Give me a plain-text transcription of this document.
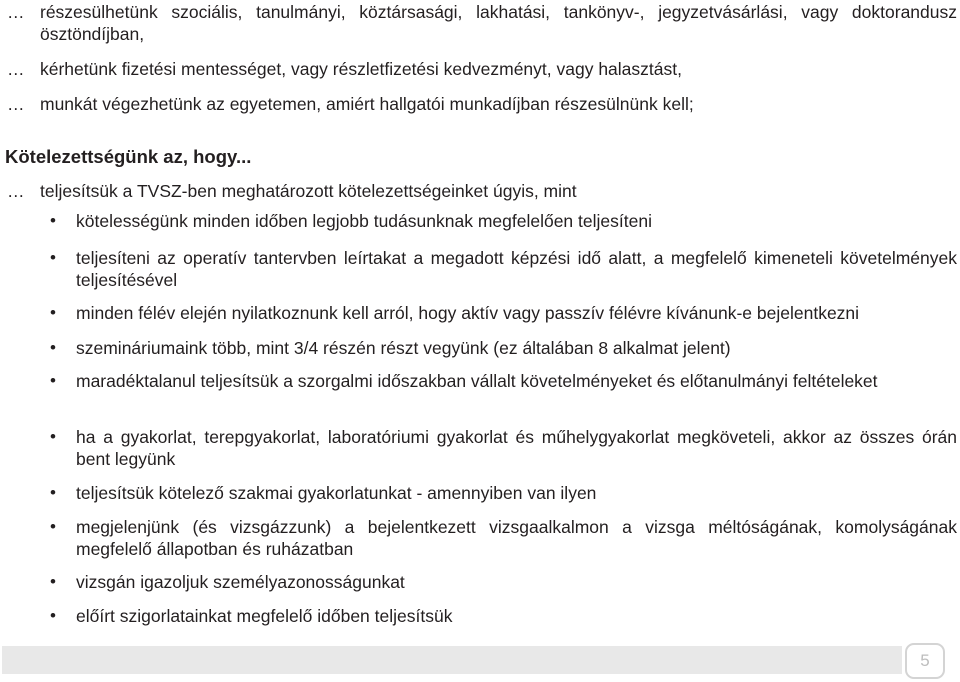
… részesülhetünk szociális, tanulmányi, köztársasági, lakhatási, tankönyv-, jegyzetvásárlási, vagy doktorandusz ösztöndíjban,
… kérhetünk fizetési mentességet, vagy részletfizetési kedvezményt, vagy halasztást,
… munkát végezhetünk az egyetemen, amiért hallgatói munkadíjban részesülnünk kell;
Kötelezettségünk az, hogy...
… teljesítsük a TVSZ-ben meghatározott kötelezettségeinket úgyis, mint
• kötelességünk minden időben legjobb tudásunknak megfelelően teljesíteni
• teljesíteni az operatív tantervben leírtakat a megadott képzési idő alatt, a megfelelő kimeneteli követelmények teljesítésével
• minden félév elején nyilatkoznunk kell arról, hogy aktív vagy passzív félévre kívánunk-e bejelentkezni
• szemináriumaink több, mint 3/4 részén részt vegyünk (ez általában 8 alkalmat jelent)
• maradéktalanul teljesítsük a szorgalmi időszakban vállalt követelményeket és előtanulmányi feltételeket
• ha a gyakorlat, terepgyakorlat, laboratóriumi gyakorlat és műhelygyakorlat megköveteli, akkor az összes órán bent legyünk
• teljesítsük kötelező szakmai gyakorlatunkat - amennyiben van ilyen
• megjelenjünk (és vizsgázzunk) a bejelentkezett vizsgaalkalmon a vizsga méltóságának, komolyságának megfelelő állapotban és ruházatban
• vizsgán igazoljuk személyazonosságunkat
• előírt szigorlatainkat megfelelő időben teljesítsük
5
